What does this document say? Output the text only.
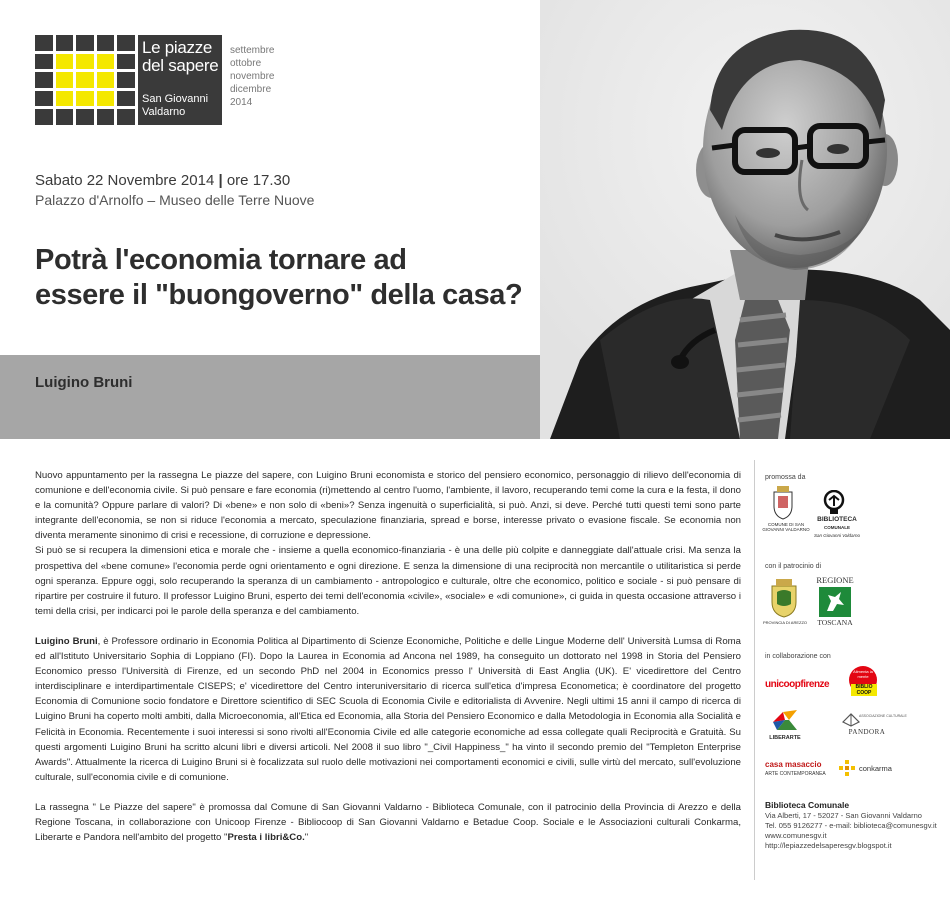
Le piazze
del sapere
San Giovanni
Valdarno
settembre
ottobre
novembre
dicembre
2014
Sabato 22 Novembre 2014 | ore 17.30
Palazzo d'Arnolfo – Museo delle Terre Nuove
Potrà l'economia tornare ad
essere il "buongoverno" della casa?
Luigino Bruni

Nuovo appuntamento per la rassegna Le piazze del sapere, con Luigino Bruni economista e storico del pensiero economico, personaggio di rilievo dell'economia di comunione e dell'economia civile. Si può pensare e fare economia (ri)mettendo al centro l'uomo, l'ambiente, il lavoro, recuperando temi come la cura e la festa, il dono e la comunità? Oppure parlare di valori? Di «bene» e non solo di «beni»? Senza ingenuità o superficialità, si può. Anzi, si deve. Perché tutti questi temi sono parte integrante dell'economia, se non si riduce l'economia a mercato, speculazione finanziaria, spread e borse, interesse privato o evasione fiscale. Se economia non diventa meramente sinonimo di crisi e recessione, di corruzione e depressione.

Si può se si recupera la dimensioni etica e morale che - insieme a quella economico-finanziaria - è una delle più colpite e danneggiate dall'attuale crisi. Ma senza la prospettiva del «bene comune» l'economia perde ogni orientamento e ogni direzione. E senza la dimensione di una reciprocità non mercantile o utilitaristica si perde ogni speranza. Eppure oggi, solo recuperando la speranza di un cambiamento - antropologico e culturale, oltre che economico, politico e sociale - si può pensare di ripartire per costruire il futuro. Il professor Luigino Bruni, esperto dei temi dell'economia «civile», «sociale» e «di comunione», ci guida in questa occasione attraverso i temi della crisi, per indicarci poi le parole della speranza e del cambiamento.

Luigino Bruni, è Professore ordinario in Economia Politica al Dipartimento di Scienze Economiche, Politiche e delle Lingue Moderne dell' Università Lumsa di Roma ed all'Istituto Universitario Sophia di Loppiano (FI). Dopo la Laurea in Economia ad Ancona nel 1989, ha conseguito un dottorato nel 1998 in Storia del Pensiero Economico presso l'Università di Firenze, ed un secondo PhD nel 2004 in Economics presso l' Università di East Anglia (UK). E' vicedirettore del Centro interdisciplinare e interdipartimentale CISEPS; e' vicedirettore del Centro interuniversitario di ricerca sull'etica d'impresa Econometica; è coordinatore del progetto Economia di Comunione socio fondatore e Direttore scientifico di SEC Scuola di Economia Civile e editorialista di Avvenire. Negli ultimi 15 anni il campo di ricerca di Luigino Bruni ha coperto molti ambiti, dalla Microeconomia, all'Etica ed Economia, alla Storia del Pensiero Economico e dalla Metodologia in Economia alla Socialità e Felicità in Economia. Recentemente i suoi interessi si sono rivolti all'Economia Civile ed alle categorie economiche ad essa collegate quali Reciprocità e Gratuità. Su questi argomenti Luigino Bruni ha scritto alcuni libri e diversi articoli. Nel 2008 il suo libro "_Civil Happiness_" ha vinto il secondo premio del "Templeton Enterprise Awards". Attualmente la ricerca di Luigino Bruni si è focalizzata sul ruolo delle motivazioni nei comportamenti economici e civili, sulle virtù del mercato, sull'evoluzione culturale, sull'economia civile e di comunione.

La rassegna " Le Piazze del sapere" è promossa dal Comune di San Giovanni Valdarno - Biblioteca Comunale, con il patrocinio della Provincia di Arezzo e della Regione Toscana, in collaborazione con Unicoop Firenze - Bibliocoop di San Giovanni Valdarno e Betadue Coop. Sociale e le Associazioni culturali Conkarma, Liberarte e Pandora nell'ambito del progetto "Presta i libri&Co."

promossa da
COMUNE DI SAN GIOVANNI VALDARNO
BIBLIOTECA
COMUNALE
San Giovanni Valdarno
con il patrocinio di
PROVINCIA DI AREZZO
REGIONE
TOSCANA
in collaborazione con
unicoopfirenze
Alimenta la mente
BIBLIO
COOP
LIBERARTE
ASSOCIAZIONE CULTURALE
PANDORA
casa masaccio
ARTE CONTEMPORANEA
conkarma
Biblioteca Comunale
Via Alberti, 17 - 52027 - San Giovanni Valdarno
Tel. 055 9126277 - e-mail: biblioteca@comunesgv.it
www.comunesgv.it
http://lepiazzedelsaperesgv.blogspot.it
